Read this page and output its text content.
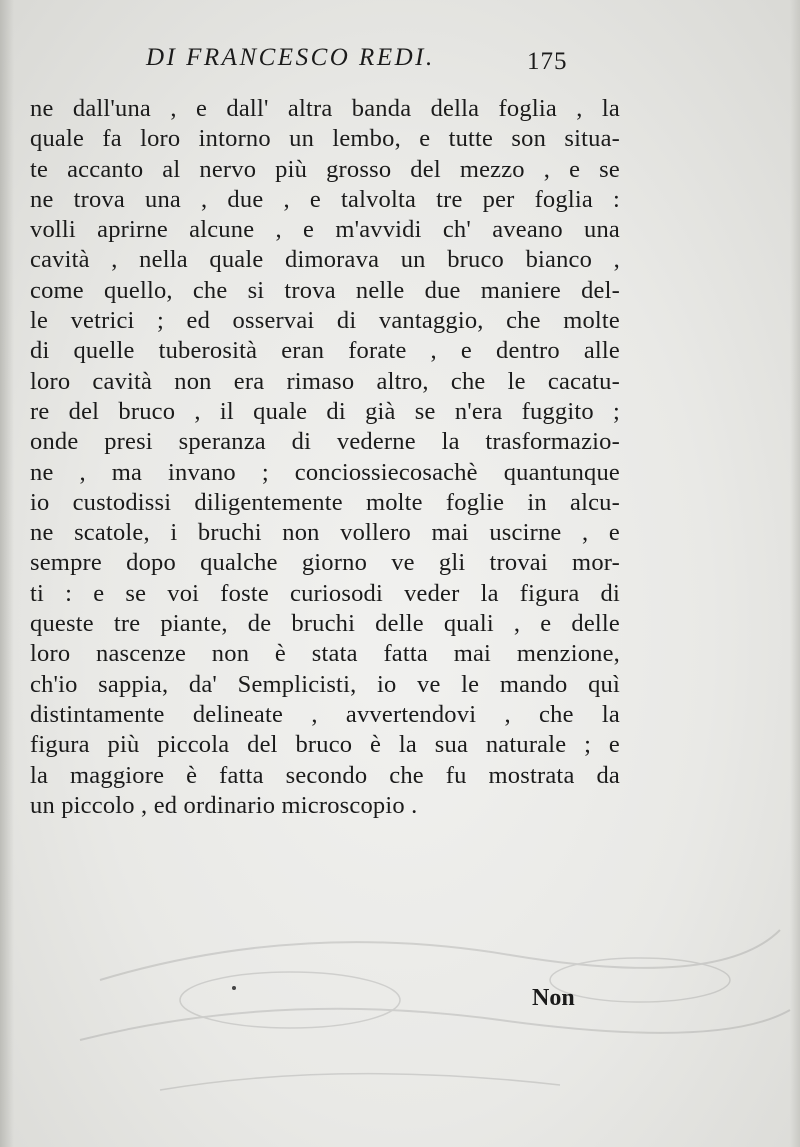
DI FRANCESCO REDI.	175
ne dall'una , e dall' altra banda della foglia , la
quale fa loro intorno un lembo, e tutte son situa-
te accanto al nervo più grosso del mezzo , e se
ne trova una , due , e talvolta tre per foglia :
volli aprirne alcune , e m'avvidi ch' aveano una
cavità , nella quale dimorava un bruco bianco ,
come quello, che si trova nelle due maniere del-
le vetrici ; ed osservai di vantaggio, che molte
di quelle tuberosità eran forate , e dentro alle
loro cavità non era rimaso altro, che le cacatu-
re del bruco , il quale di già se n'era fuggito ;
onde presi speranza di vederne la trasformazio-
ne , ma invano ; conciossiecosachè quantunque
io custodissi diligentemente molte foglie in alcu-
ne scatole, i bruchi non vollero mai uscirne , e
sempre dopo qualche giorno ve gli trovai mor-
ti : e se voi foste curiosodi veder la figura di
queste tre piante, de bruchi delle quali , e delle
loro nascenze non è stata fatta mai menzione,
ch'io sappia, da' Semplicisti, io ve le mando quì
distintamente delineate , avvertendovi , che la
figura più piccola del bruco è la sua naturale ; e
la maggiore è fatta secondo che fu mostrata da
un piccolo , ed ordinario microscopio .
Non
